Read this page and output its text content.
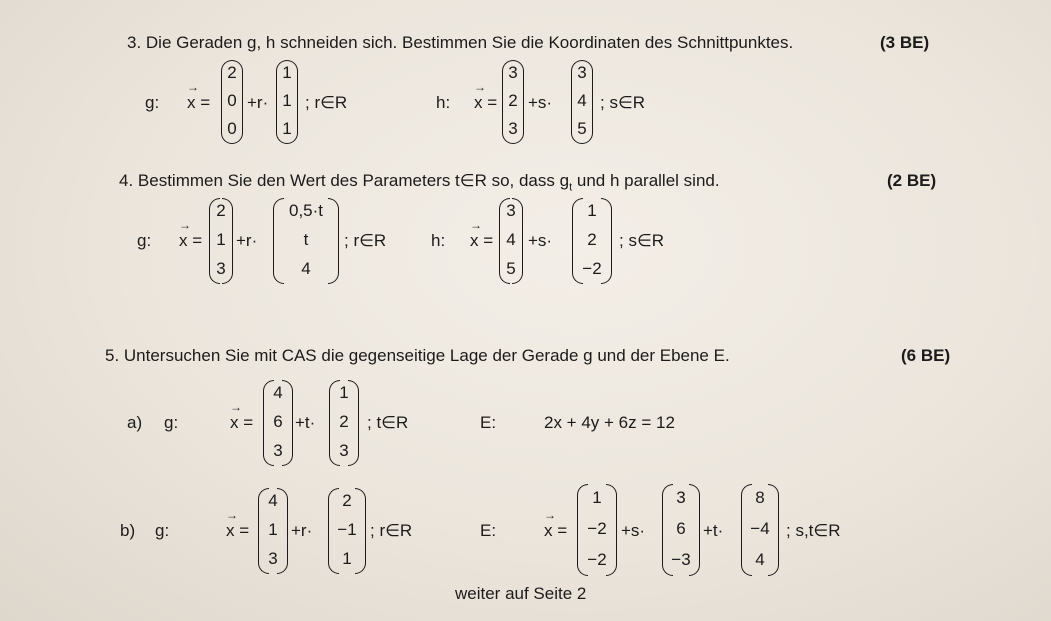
3. Die Geraden g, h schneiden sich. Bestimmen Sie die Koordinaten des Schnittpunktes.	(3 BE)
g: → x =
2
0
0
+r·
1
1
1
; r∈R	h: → x =
3
2
3
+s·
3
4
5
; s∈R
4. Bestimmen Sie den Wert des Parameters t∈R so, dass $g_t$ und h parallel sind.	(2 BE)
g: → x =
2
1
3
+r·
0,5·t
t
4
; r∈R	h: → x =
3
4
5
+s·
1
2
−2
; s∈R
5. Untersuchen Sie mit CAS die gegenseitige Lage der Gerade g und der Ebene E.	(6 BE)
a) g:	→ x =
4
6
3
+t·
1
2
3
; t∈R	E:	2x + 4y + 6z = 12
b) g:	→ x =
4
1
3
+r·
2
−1
1
; r∈R	E:	→ x =
1
−2
−2
+s·
3
6
−3
+t·
8
−4
4
; s,t∈R
weiter auf Seite 2
